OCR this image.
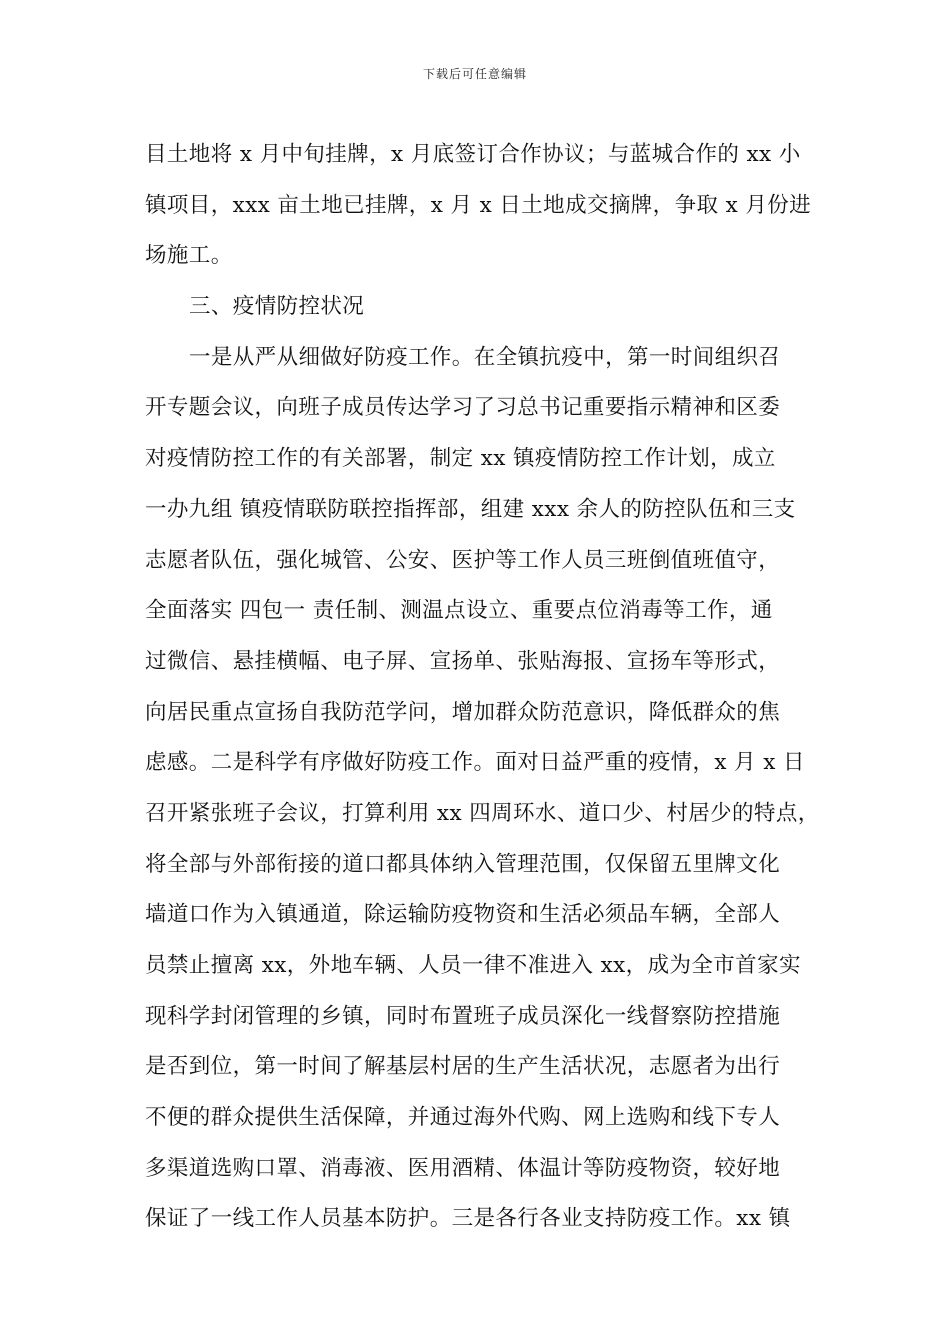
下载后可任意编辑
目土地将 x 月中旬挂牌，x 月底签订合作协议；与蓝城合作的 xx 小
镇项目，xxx 亩土地已挂牌，x 月 x 日土地成交摘牌，争取 x 月份进
场施工。
三、疫情防控状况
一是从严从细做好防疫工作。在全镇抗疫中，第一时间组织召
开专题会议，向班子成员传达学习了习总书记重要指示精神和区委
对疫情防控工作的有关部署，制定 xx 镇疫情防控工作计划，成立
一办九组 镇疫情联防联控指挥部，组建 xxx 余人的防控队伍和三支
志愿者队伍，强化城管、公安、医护等工作人员三班倒值班值守，
全面落实 四包一 责任制、测温点设立、重要点位消毒等工作，通
过微信、悬挂横幅、电子屏、宣扬单、张贴海报、宣扬车等形式，
向居民重点宣扬自我防范学问，增加群众防范意识，降低群众的焦
虑感。二是科学有序做好防疫工作。面对日益严重的疫情，x 月 x 日
召开紧张班子会议，打算利用 xx 四周环水、道口少、村居少的特点，
将全部与外部衔接的道口都具体纳入管理范围，仅保留五里牌文化
墙道口作为入镇通道，除运输防疫物资和生活必须品车辆，全部人
员禁止擅离 xx，外地车辆、人员一律不准进入 xx，成为全市首家实
现科学封闭管理的乡镇，同时布置班子成员深化一线督察防控措施
是否到位，第一时间了解基层村居的生产生活状况，志愿者为出行
不便的群众提供生活保障，并通过海外代购、网上选购和线下专人
多渠道选购口罩、消毒液、医用酒精、体温计等防疫物资，较好地
保证了一线工作人员基本防护。三是各行各业支持防疫工作。xx 镇
